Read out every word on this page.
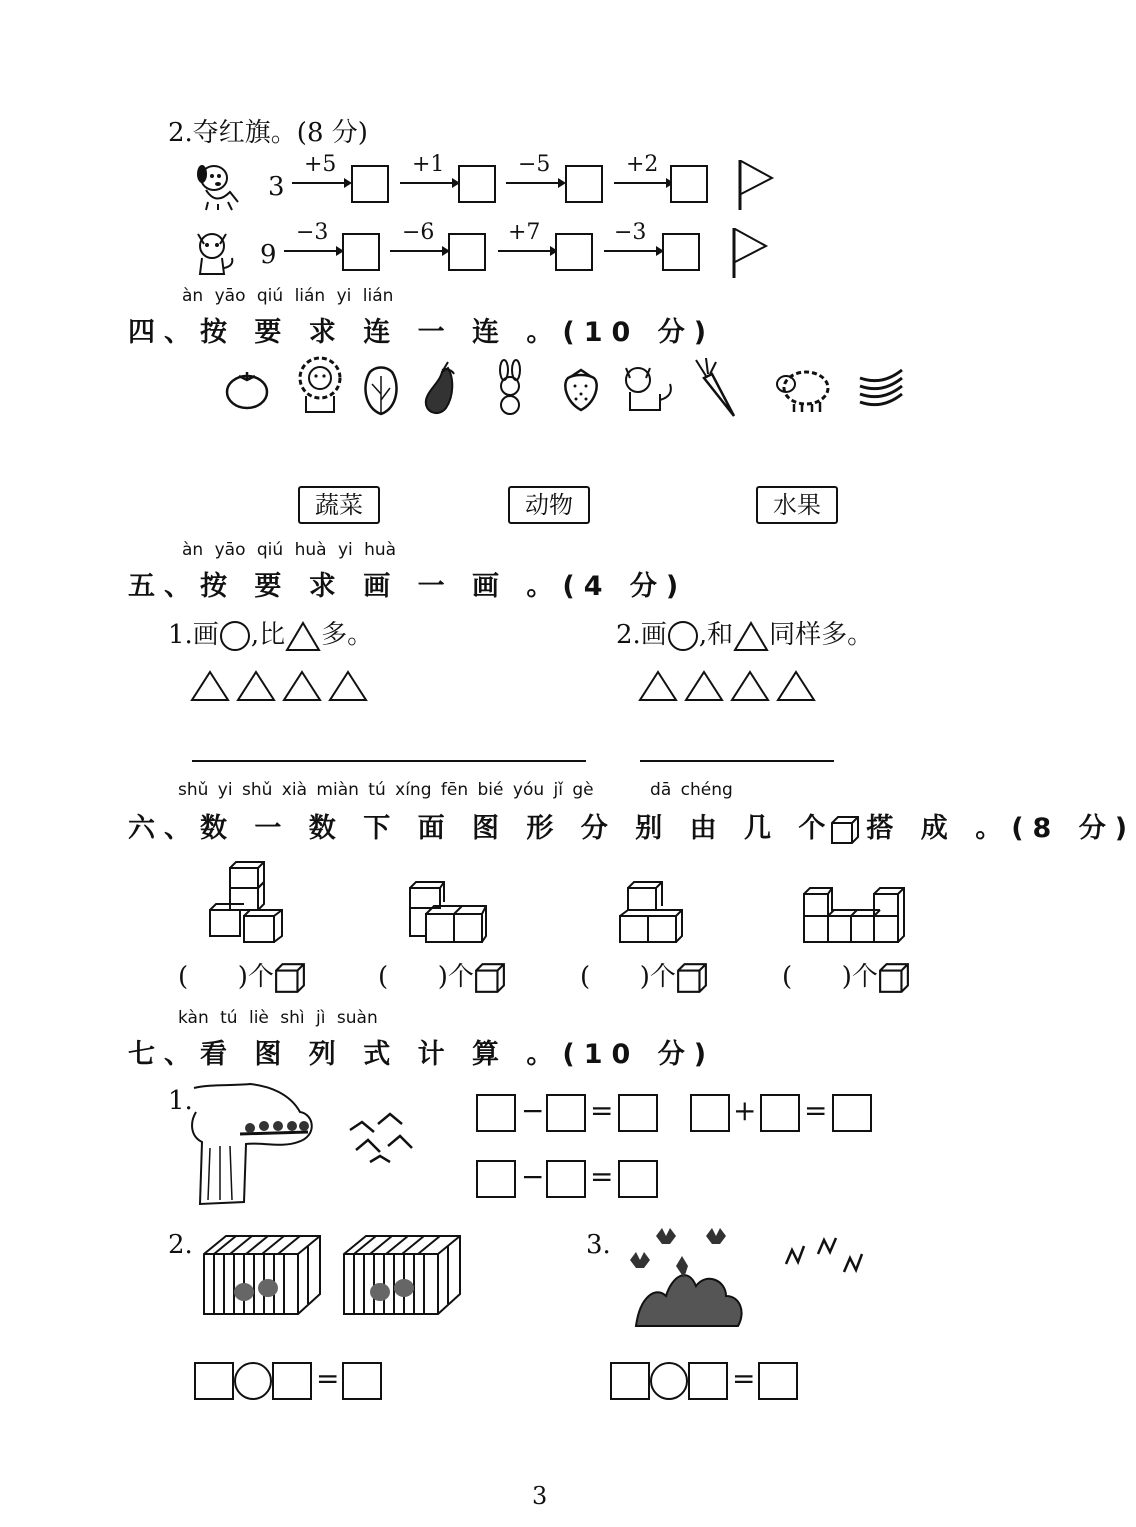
2.夺红旗。(8 分)
3
9
+5	+1	−5	+2
−3	−6	+7	−3
àn yāo qiú lián yi lián
四、按 要 求 连 一 连 。(10 分)
蔬菜	动物	水果
àn yāo qiú huà yi huà
五、按 要 求 画 一 画 。(4 分)
1.画 ,比 多。	2.画 ,和 同样多。
shǔ yi shǔ xià miàn tú xíng fēn bié yóu jǐ gè      dā chéng
六、数 一 数 下 面 图 形 分 别 由 几 个 搭 成 。(8 分)
(      )个	(      )个	(      )个	(      )个
kàn tú liè shì jì suàn
七、看 图 列 式 计 算 。(10 分)
1.	− =	+ =
− =
2.
=
3.
=
3
